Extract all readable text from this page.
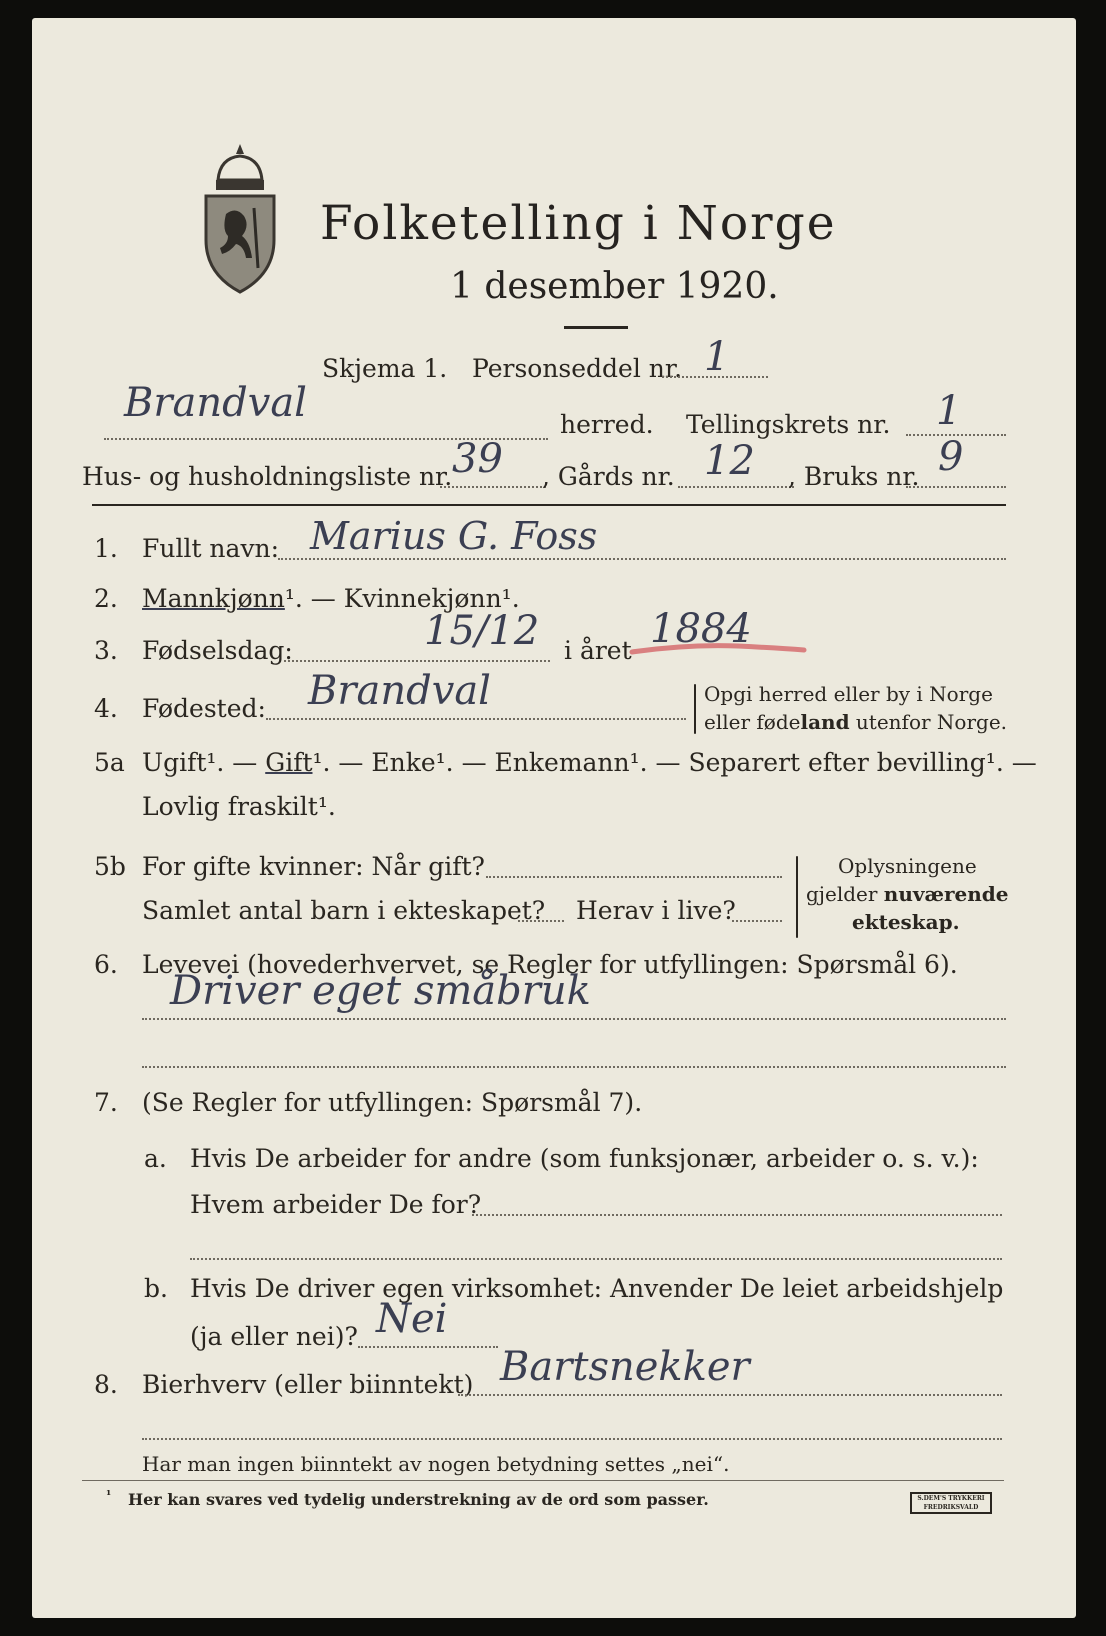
Folketelling i Norge
1 desember 1920.
Skjema 1. Personseddel nr. 1
Brandval	herred. Tellingskrets nr. 1
Hus- og husholdningsliste nr. 39 , Gårds nr. 12 , Bruks nr. 9
1. Fullt navn: Marius G. Foss
2. Mannkjønn¹. — Kvinnekjønn¹.
3. Fødselsdag:	15/12 i året 1884
4. Fødested: Brandval	Opgi herred eller by i Norge
eller fødeland utenfor Norge.
5a Ugift¹. — Gift¹. — Enke¹. — Enkemann¹. — Separert efter bevilling¹. —
Lovlig fraskilt¹.
5b For gifte kvinner: Når gift?
Samlet antal barn i ekteskapet? Herav i live?
Oplysningene
gjelder nuværende
ekteskap.
6. Levevei (hovederhvervet, se Regler for utfyllingen: Spørsmål 6).
Driver eget småbruk
7. (Se Regler for utfyllingen: Spørsmål 7).
a. Hvis De arbeider for andre (som funksjonær, arbeider o. s. v.):
Hvem arbeider De for?
b. Hvis De driver egen virksomhet: Anvender De leiet arbeidshjelp
(ja eller nei)? Nei
8. Bierhverv (eller biinntekt) Bartsnekker
Har man ingen biinntekt av nogen betydning settes „nei“.
¹ Her kan svares ved tydelig understrekning av de ord som passer.	S.DEM'S TRYKKERI FREDRIKSVALD
